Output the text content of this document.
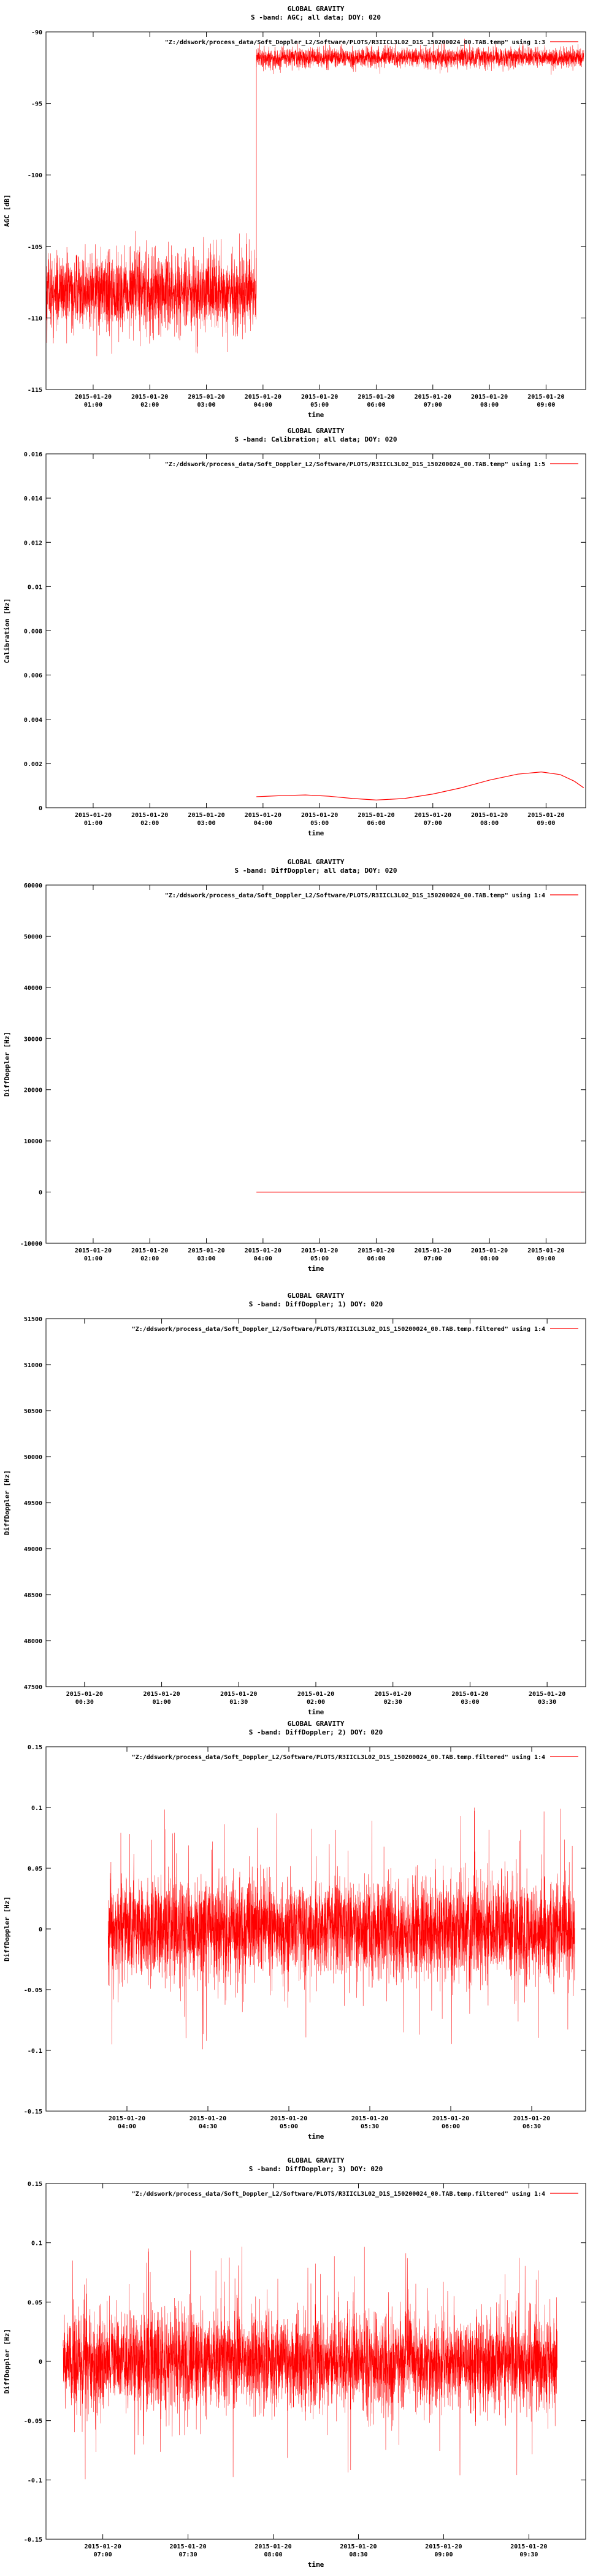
GLOBAL GRAVITY
S -band: AGC; all data; DOY: 020
-115
-110
-105
-100
-95
-90
2015-01-20
01:00
2015-01-20
02:00
2015-01-20
03:00
2015-01-20
04:00
2015-01-20
05:00
2015-01-20
06:00
2015-01-20
07:00
2015-01-20
08:00
2015-01-20
09:00
time
AGC [dB]
"Z:/ddswork/process_data/Soft_Doppler_L2/Software/PLOTS/R3IICL3L02_D1S_150200024_00.TAB.temp" using 1:3
GLOBAL GRAVITY
S -band: Calibration; all data; DOY: 020
0
0.002
0.004
0.006
0.008
0.01
0.012
0.014
0.016
2015-01-20
01:00
2015-01-20
02:00
2015-01-20
03:00
2015-01-20
04:00
2015-01-20
05:00
2015-01-20
06:00
2015-01-20
07:00
2015-01-20
08:00
2015-01-20
09:00
time
Calibration [Hz]
"Z:/ddswork/process_data/Soft_Doppler_L2/Software/PLOTS/R3IICL3L02_D1S_150200024_00.TAB.temp" using 1:5
GLOBAL GRAVITY
S -band: DiffDoppler; all data; DOY: 020
-10000
0
10000
20000
30000
40000
50000
60000
2015-01-20
01:00
2015-01-20
02:00
2015-01-20
03:00
2015-01-20
04:00
2015-01-20
05:00
2015-01-20
06:00
2015-01-20
07:00
2015-01-20
08:00
2015-01-20
09:00
time
DiffDoppler [Hz]
"Z:/ddswork/process_data/Soft_Doppler_L2/Software/PLOTS/R3IICL3L02_D1S_150200024_00.TAB.temp" using 1:4
GLOBAL GRAVITY
S -band: DiffDoppler; 1) DOY: 020
47500
48000
48500
49000
49500
50000
50500
51000
51500
2015-01-20
00:30
2015-01-20
01:00
2015-01-20
01:30
2015-01-20
02:00
2015-01-20
02:30
2015-01-20
03:00
2015-01-20
03:30
time
DiffDoppler [Hz]
"Z:/ddswork/process_data/Soft_Doppler_L2/Software/PLOTS/R3IICL3L02_D1S_150200024_00.TAB.temp.filtered" using 1:4
GLOBAL GRAVITY
S -band: DiffDoppler; 2) DOY: 020
-0.15
-0.1
-0.05
0
0.05
0.1
0.15
2015-01-20
04:00
2015-01-20
04:30
2015-01-20
05:00
2015-01-20
05:30
2015-01-20
06:00
2015-01-20
06:30
time
DiffDoppler [Hz]
"Z:/ddswork/process_data/Soft_Doppler_L2/Software/PLOTS/R3IICL3L02_D1S_150200024_00.TAB.temp.filtered" using 1:4
GLOBAL GRAVITY
S -band: DiffDoppler; 3) DOY: 020
-0.15
-0.1
-0.05
0
0.05
0.1
0.15
2015-01-20
07:00
2015-01-20
07:30
2015-01-20
08:00
2015-01-20
08:30
2015-01-20
09:00
2015-01-20
09:30
time
DiffDoppler [Hz]
"Z:/ddswork/process_data/Soft_Doppler_L2/Software/PLOTS/R3IICL3L02_D1S_150200024_00.TAB.temp.filtered" using 1:4
